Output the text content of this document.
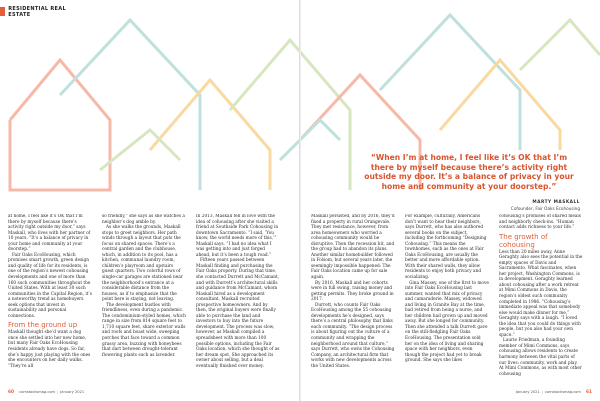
RESIDENTIAL REAL ESTATE
“When I’m at home, I feel like it’s OK that I’m there by myself because there’s activity right outside my door. It’s a balance of privacy in your home and community at your doorstep.”
MARTY MASKALL
Cofounder, Fair Oaks Ecohousing

at home, I feel like it’s OK that I’m there by myself because there’s activity right outside my door,” says Maskall, who lives with her partner of 10 years. “It’s a balance of privacy in your home and community at your doorstep.”

Fair Oaks EcoHousing, which promises smart growth, green design and quality of life for its residents, is one of the region’s newest cohousing developments and one of more than 160 such communities throughout the United States. With at least 30 such communities in the Capital Region, it’s a noteworthy trend as homebuyers seek options that invest in sustainability and personal connections.

From the ground up

Maskall thought she’d want a dog once she settled into her new home, but many Fair Oaks EcoHousing residents already have dogs. So far, she’s happy just playing with the ones she encounters on her daily walks. “They’re all

so friendly,” she says as she watches a neighbor’s dog amble by.

As she walks the grounds, Maskall stops to greet neighbors. Her path winds through a layout that puts the focus on shared spaces. There’s a central garden and the clubhouse, which, in addition to its pool, has a kitchen, communal laundry room, children’s playroom and upstairs guest quarters. Two colorful rows of single-car garages are stationed near the neighborhood’s entrance at a considerable distance from the houses, as if to emphasize that the point here is staying, not leaving.

The development bustles with friendliness, even during a pandemic. The condominium-styled homes, which range in size from 814 square feet to 1,710 square feet, share exterior walls and roofs and boast wide, sweeping porches that face toward a common grassy area, buzzing with honeybees that dart between drought-tolerant flowering plants such as lavender.

In 2013, Maskall fell in love with the idea of cohousing after she visited a friend at Southside Park Cohousing in downtown Sacramento. “I said, ‘You know, the world needs more of this,’” Maskall says. “I had no idea what I was getting into and just forged ahead, but it’s been a tough road.”

Fifteen years passed between Maskall finding and purchasing the Fair Oaks property. During that time, she contacted Durrett and McCamant, and with Durrett’s architectural skills and guidance from McCamant, whom Maskall hired as a development consultant, Maskall recruited prospective homeowners. And by then, the original buyers were finally able to purchase the land and investors to buy into the future development. The process was slow, however, as Maskall compiled a spreadsheet with more than 100 possible options, including the Fair Oaks location, which she thought of as her dream spot. She approached its owner about selling, but a deal eventually finished over money.

Maskall persisted, and by 2016, they’d fixed a property in rural Orangevale. They met resistance, however, from area homeowners who worried a cohousing community would be disruptive. Then the recession hit, and the group had to abandon its plans. Another similar homebuilder followed in Folsom, but several years later, the seemingly impossible happened: The Fair Oaks location came up for sale again.

By 2016, Maskall and her cohorts were in full swing, raising money and getting permits. They broke ground in 2017.

Durrett, who counts Fair Oaks EcoHousing among the 55 cohousing developments he’s designed, says there’s a central philosophy that links each community. “The design process is about figuring out the culture of a community and wrapping the neighborhood around that culture,” says Durrett, who owns the Cohousing Company, an architectural firm that works with new developments across the United States.

For example, culturally, Americans don’t want to hear their neighbors, says Durrett, who has also authored several books on the subject, including the forthcoming “Designing Cohousing.” This means the townhomes, such as the ones at Fair Oaks EcoHousing, are usually the better and more affordable option. With their shared walls, they allow residents to enjoy both privacy and socializing.

Gina Massey, one of the first to move into Fair Oaks EcoHousing last summer, wanted that mix of privacy and camaraderie. Massey, widowed and living in Granite Bay at the time, had retired from being a nurse, and her children had grown up and moved away. But she longed for community. Then she attended a talk Durrett gave on the still-fledgling Fair Oaks EcoHousing. The presentation sold her on the idea of living and sharing space with her neighbors, even though the project had yet to break ground. She says she likes

cohousing’s promises of shared meals and neighborly check-ins. “Human contact adds richness to your life.”

The growth of cohousing

Less than 20 miles away, Anne Geraghty also sees the potential in the empty spaces of Davis and Sacramento. What fascinates, when her project, Washington Commons, is in development. Geraghty learned about cohousing after a work retreat at Mimi Commons in Davis, the region’s oldest such community completed in 1986. “Cohousing’s immediate appeal was that somebody else would make dinner for me,” Geraghty says with a laugh. “I loved the idea that you could do things with people, but you also had your own space.”

Laurie Friedman, a founding member of Mimi Commons, says cohousing allows residents to create harmony between the vital parts of our lives: community, work and play. At Mimi Commons, as with most other cohousing

60
comstocksmag.com | January 2021	January 2021 | comstocksmag.com
61
